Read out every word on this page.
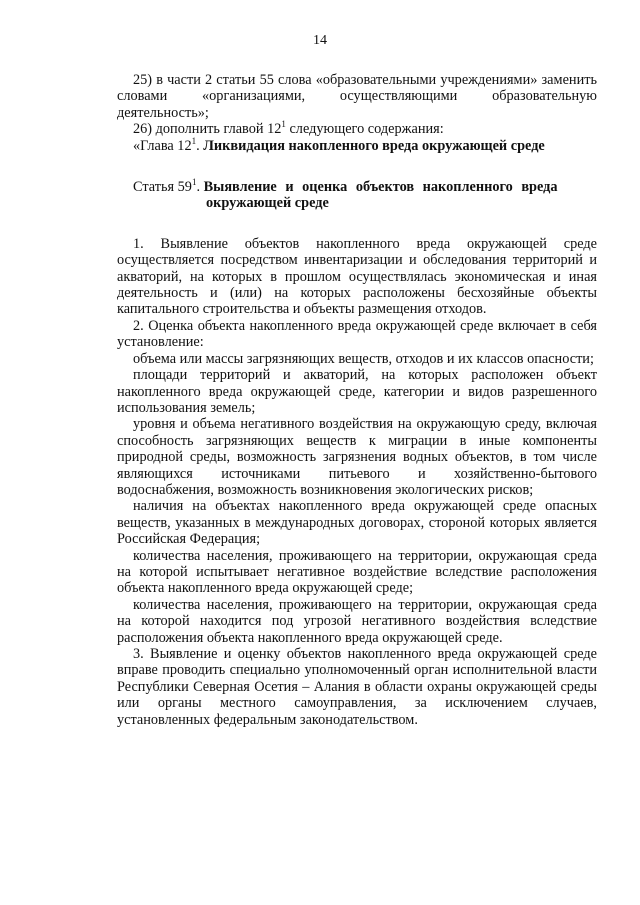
14

25) в части 2 статьи 55 слова «образовательными учреждениями» заменить словами «организациями, осуществляющими образовательную деятельность»;

26) дополнить главой $12^1$ следующего содержания:

«Глава $12^1$. Ликвидация накопленного вреда окружающей среде

Статья $59^1$. Выявление и оценка объектов накопленного вреда
окружающей среде

1. Выявление объектов накопленного вреда окружающей среде осуществляется посредством инвентаризации и обследования территорий и акваторий, на которых в прошлом осуществлялась экономическая и иная деятельность и (или) на которых расположены бесхозяйные объекты капитального строительства и объекты размещения отходов.

2. Оценка объекта накопленного вреда окружающей среде включает в себя установление:

объема или массы загрязняющих веществ, отходов и их классов опасности;

площади территорий и акваторий, на которых расположен объект накопленного вреда окружающей среде, категории и видов разрешенного использования земель;

уровня и объема негативного воздействия на окружающую среду, включая способность загрязняющих веществ к миграции в иные компоненты природной среды, возможность загрязнения водных объектов, в том числе являющихся источниками питьевого и хозяйственно-бытового водоснабжения, возможность возникновения экологических рисков;

наличия на объектах накопленного вреда окружающей среде опасных веществ, указанных в международных договорах, стороной которых является Российская Федерация;

количества населения, проживающего на территории, окружающая среда на которой испытывает негативное воздействие вследствие расположения объекта накопленного вреда окружающей среде;

количества населения, проживающего на территории, окружающая среда на которой находится под угрозой негативного воздействия вследствие расположения объекта накопленного вреда окружающей среде.

3. Выявление и оценку объектов накопленного вреда окружающей среде вправе проводить специально уполномоченный орган исполнительной власти Республики Северная Осетия – Алания в области охраны окружающей среды или органы местного самоуправления, за исключением случаев, установленных федеральным законодательством.
